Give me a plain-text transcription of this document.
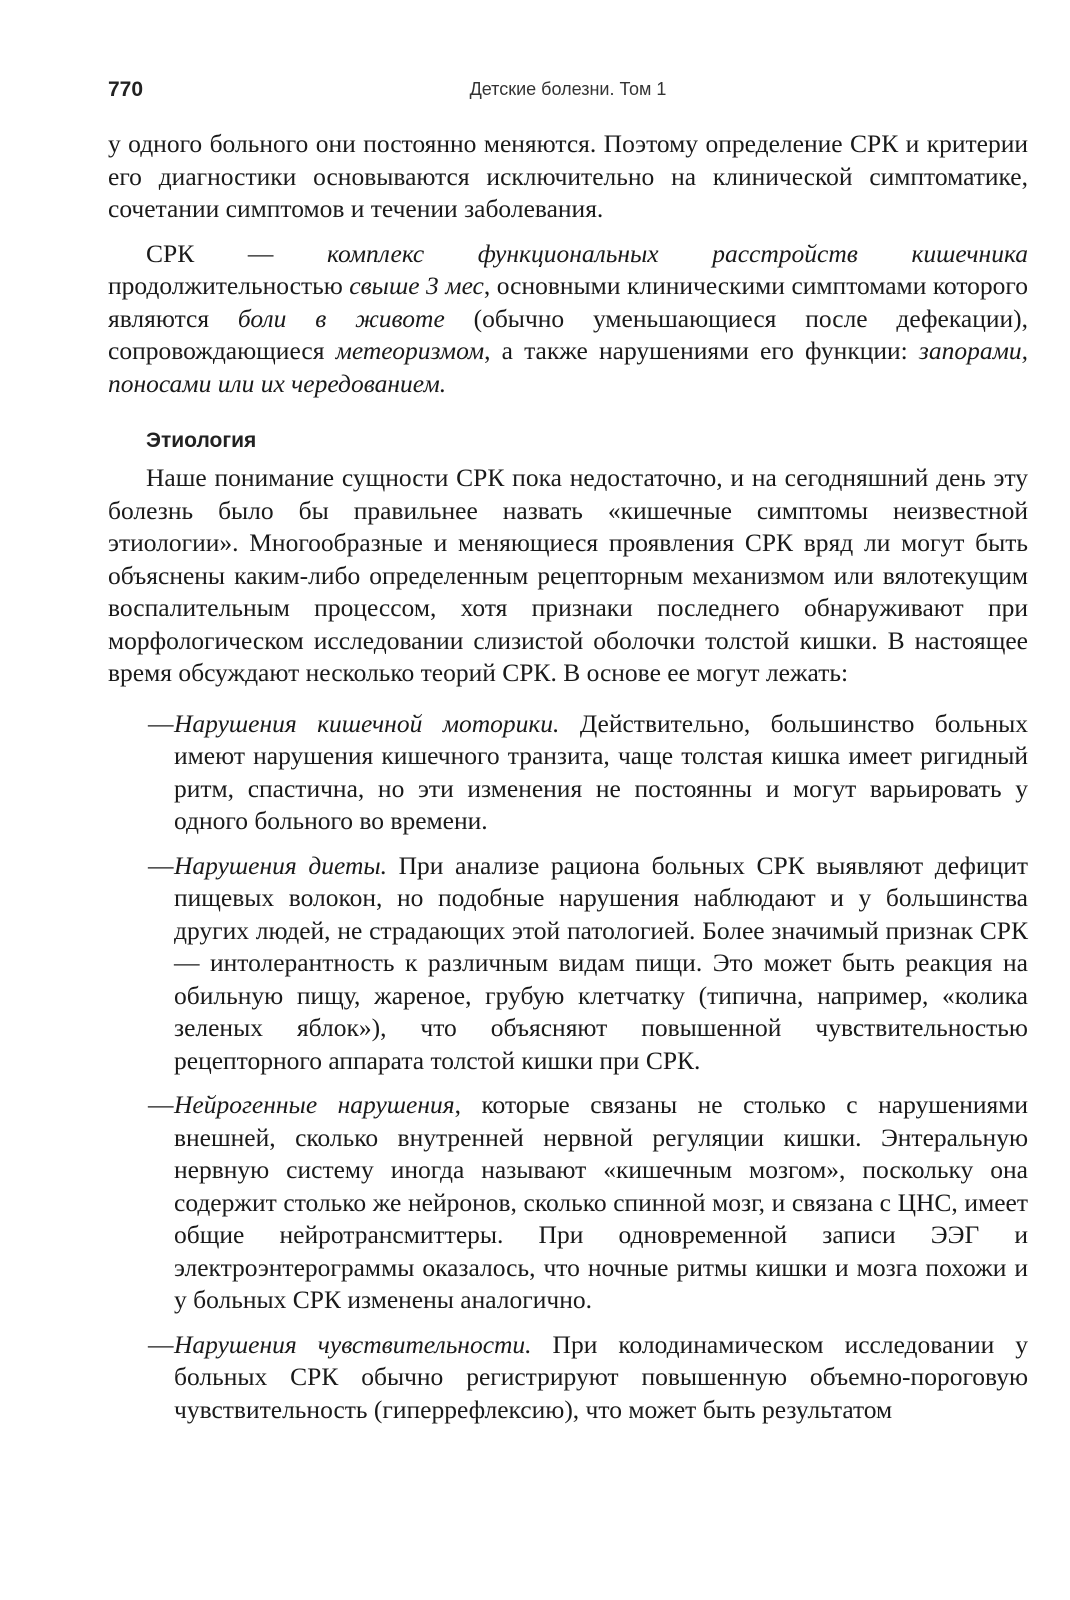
770	Детские болезни. Том 1

у одного больного они постоянно меняются. Поэтому определение СРК и критерии его диагностики основываются исключительно на клинической симптоматике, сочетании симптомов и течении заболевания.

СРК — комплекс функциональных расстройств кишечника продолжительностью свыше 3 мес, основными клиническими симптомами которого являются боли в животе (обычно уменьшающиеся после дефекации), сопровождающиеся метеоризмом, а также нарушениями его функции: запорами, поносами или их чередованием.

Этиология

Наше понимание сущности СРК пока недостаточно, и на сегодняшний день эту болезнь было бы правильнее назвать «кишечные симптомы неизвестной этиологии». Многообразные и меняющиеся проявления СРК вряд ли могут быть объяснены каким-либо определенным рецепторным механизмом или вялотекущим воспалительным процессом, хотя признаки последнего обнаруживают при морфологическом исследовании слизистой оболочки толстой кишки. В настоящее время обсуждают несколько теорий СРК. В основе ее могут лежать:

— Нарушения кишечной моторики. Действительно, большинство больных имеют нарушения кишечного транзита, чаще толстая кишка имеет ригидный ритм, спастична, но эти изменения не постоянны и могут варьировать у одного больного во времени.
— Нарушения диеты. При анализе рациона больных СРК выявляют дефицит пищевых волокон, но подобные нарушения наблюдают и у большинства других людей, не страдающих этой патологией. Более значимый признак СРК — интолерантность к различным видам пищи. Это может быть реакция на обильную пищу, жареное, грубую клетчатку (типична, например, «колика зеленых яблок»), что объясняют повышенной чувствительностью рецепторного аппарата толстой кишки при СРК.
— Нейрогенные нарушения, которые связаны не столько с нарушениями внешней, сколько внутренней нервной регуляции кишки. Энтеральную нервную систему иногда называют «кишечным мозгом», поскольку она содержит столько же нейронов, сколько спинной мозг, и связана с ЦНС, имеет общие нейротрансмиттеры. При одновременной записи ЭЭГ и электроэнтерограммы оказалось, что ночные ритмы кишки и мозга похожи и у больных СРК изменены аналогично.
— Нарушения чувствительности. При колодинамическом исследовании у больных СРК обычно регистрируют повышенную объемно-пороговую чувствительность (гиперрефлексию), что может быть результатом
